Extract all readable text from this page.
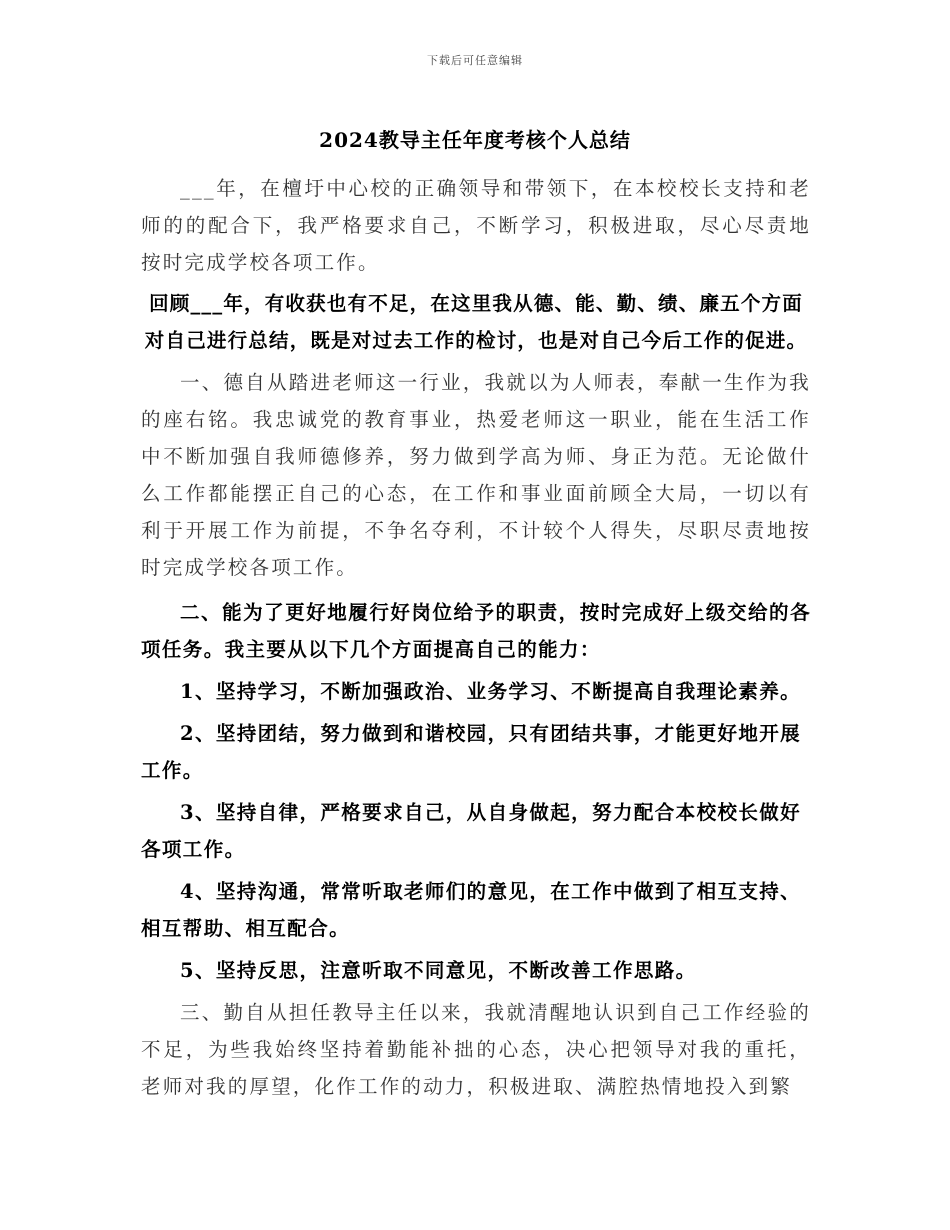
下载后可任意编辑
2024教导主任年度考核个人总结

___年，在檀圩中心校的正确领导和带领下，在本校校长支持和老师的的配合下，我严格要求自己，不断学习，积极进取，尽心尽责地按时完成学校各项工作。

回顾___年，有收获也有不足，在这里我从德、能、勤、绩、廉五个方面对自己进行总结，既是对过去工作的检讨，也是对自己今后工作的促进。

一、德自从踏进老师这一行业，我就以为人师表，奉献一生作为我的座右铭。我忠诚党的教育事业，热爱老师这一职业，能在生活工作中不断加强自我师德修养，努力做到学高为师、身正为范。无论做什么工作都能摆正自己的心态，在工作和事业面前顾全大局，一切以有利于开展工作为前提，不争名夺利，不计较个人得失，尽职尽责地按时完成学校各项工作。

二、能为了更好地履行好岗位给予的职责，按时完成好上级交给的各项任务。我主要从以下几个方面提高自己的能力：

1、坚持学习，不断加强政治、业务学习、不断提高自我理论素养。

2、坚持团结，努力做到和谐校园，只有团结共事，才能更好地开展工作。

3、坚持自律，严格要求自己，从自身做起，努力配合本校校长做好各项工作。

4、坚持沟通，常常听取老师们的意见，在工作中做到了相互支持、相互帮助、相互配合。

5、坚持反思，注意听取不同意见，不断改善工作思路。

三、勤自从担任教导主任以来，我就清醒地认识到自己工作经验的不足，为些我始终坚持着勤能补拙的心态，决心把领导对我的重托，老师对我的厚望，化作工作的动力，积极进取、满腔热情地投入到繁
